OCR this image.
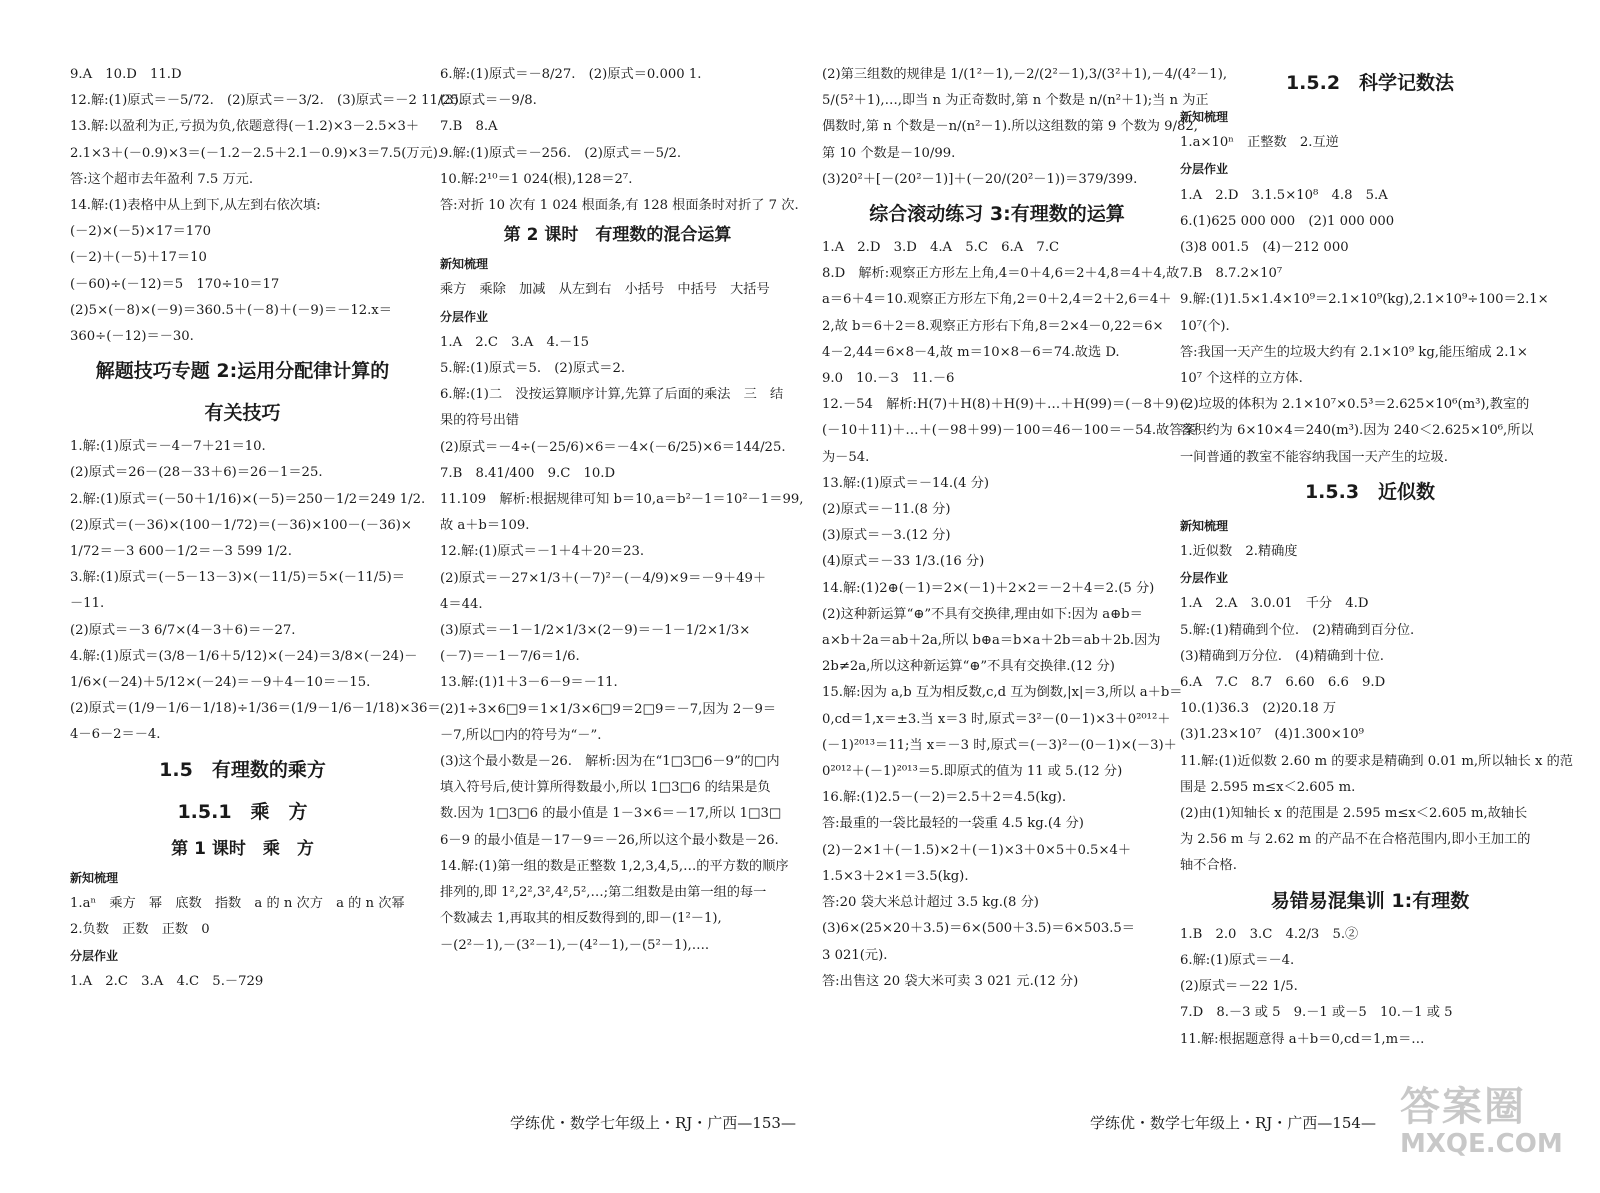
9.A　10.D　11.D
12.解:(1)原式＝－5/72.　(2)原式＝－3/2.　(3)原式＝－2 11/25.
13.解:以盈利为正,亏损为负,依题意得(－1.2)×3－2.5×3＋
2.1×3＋(－0.9)×3＝(－1.2－2.5＋2.1－0.9)×3＝7.5(万元).
答:这个超市去年盈利 7.5 万元.
14.解:(1)表格中从上到下,从左到右依次填:
(－2)×(－5)×17＝170
(－2)＋(－5)＋17＝10
(－60)÷(－12)＝5　170÷10＝17
(2)5×(－8)×(－9)＝360.5＋(－8)＋(－9)＝－12.x＝
360÷(－12)＝－30.
解题技巧专题 2:运用分配律计算的
有关技巧
1.解:(1)原式＝－4－7＋21＝10.
(2)原式＝26－(28－33＋6)＝26－1＝25.
2.解:(1)原式＝(－50＋1/16)×(－5)＝250－1/2＝249 1/2.
(2)原式＝(－36)×(100－1/72)＝(－36)×100－(－36)×
1/72＝－3 600－1/2＝－3 599 1/2.
3.解:(1)原式＝(－5－13－3)×(－11/5)＝5×(－11/5)＝
－11.
(2)原式＝－3 6/7×(4－3＋6)＝－27.
4.解:(1)原式＝(3/8－1/6＋5/12)×(－24)＝3/8×(－24)－
1/6×(－24)＋5/12×(－24)＝－9＋4－10＝－15.
(2)原式＝(1/9－1/6－1/18)÷1/36＝(1/9－1/6－1/18)×36＝
4－6－2＝－4.
1.5　有理数的乘方
1.5.1　乘　方
第 1 课时　乘　方
新知梳理
1.aⁿ　乘方　幂　底数　指数　a 的 n 次方　a 的 n 次幂
2.负数　正数　正数　0
分层作业
1.A　2.C　3.A　4.C　5.－729
6.解:(1)原式＝－8/27.　(2)原式＝0.000 1.
(3)原式＝－9/8.
7.B　8.A
9.解:(1)原式＝－256.　(2)原式＝－5/2.
10.解:2¹⁰＝1 024(根),128＝2⁷.
答:对折 10 次有 1 024 根面条,有 128 根面条时对折了 7 次.
第 2 课时　有理数的混合运算
新知梳理
乘方　乘除　加减　从左到右　小括号　中括号　大括号
分层作业
1.A　2.C　3.A　4.－15
5.解:(1)原式＝5.　(2)原式＝2.
6.解:(1)二　没按运算顺序计算,先算了后面的乘法　三　结
果的符号出错
(2)原式＝－4÷(－25/6)×6＝－4×(－6/25)×6＝144/25.
7.B　8.41/400　9.C　10.D
11.109　解析:根据规律可知 b＝10,a＝b²－1＝10²－1＝99,
故 a＋b＝109.
12.解:(1)原式＝－1＋4＋20＝23.
(2)原式＝－27×1/3＋(－7)²－(－4/9)×9＝－9＋49＋
4＝44.
(3)原式＝－1－1/2×1/3×(2－9)＝－1－1/2×1/3×
(－7)＝－1－7/6＝1/6.
13.解:(1)1＋3－6－9＝－11.
(2)1÷3×6□9＝1×1/3×6□9＝2□9＝－7,因为 2－9＝
－7,所以□内的符号为“－”.
(3)这个最小数是－26.　解析:因为在“1□3□6－9”的□内
填入符号后,使计算所得数最小,所以 1□3□6 的结果是负
数.因为 1□3□6 的最小值是 1－3×6＝－17,所以 1□3□
6－9 的最小值是－17－9＝－26,所以这个最小数是－26.
14.解:(1)第一组的数是正整数 1,2,3,4,5,…的平方数的顺序
排列的,即 1²,2²,3²,4²,5²,…;第二组数是由第一组的每一
个数减去 1,再取其的相反数得到的,即－(1²－1),
－(2²－1),－(3²－1),－(4²－1),－(5²－1),….
(2)第三组数的规律是 1/(1²－1),－2/(2²－1),3/(3²＋1),－4/(4²－1),
5/(5²＋1),…,即当 n 为正奇数时,第 n 个数是 n/(n²＋1);当 n 为正
偶数时,第 n 个数是－n/(n²－1).所以这组数的第 9 个数为 9/82,
第 10 个数是－10/99.
(3)20²＋[－(20²－1)]＋(－20/(20²－1))＝379/399.
综合滚动练习 3:有理数的运算
1.A　2.D　3.D　4.A　5.C　6.A　7.C
8.D　解析:观察正方形左上角,4＝0＋4,6＝2＋4,8＝4＋4,故
a＝6＋4＝10.观察正方形左下角,2＝0＋2,4＝2＋2,6＝4＋
2,故 b＝6＋2＝8.观察正方形右下角,8＝2×4－0,22＝6×
4－2,44＝6×8－4,故 m＝10×8－6＝74.故选 D.
9.0　10.－3　11.－6
12.－54　解析:H(7)＋H(8)＋H(9)＋…＋H(99)＝(－8＋9)＋
(－10＋11)＋…＋(－98＋99)－100＝46－100＝－54.故答案
为－54.
13.解:(1)原式＝－14.(4 分)
(2)原式＝－11.(8 分)
(3)原式＝－3.(12 分)
(4)原式＝－33 1/3.(16 分)
14.解:(1)2⊕(－1)＝2×(－1)＋2×2＝－2＋4＝2.(5 分)
(2)这种新运算“⊕”不具有交换律,理由如下:因为 a⊕b＝
a×b＋2a＝ab＋2a,所以 b⊕a＝b×a＋2b＝ab＋2b.因为
2b≠2a,所以这种新运算“⊕”不具有交换律.(12 分)
15.解:因为 a,b 互为相反数,c,d 互为倒数,|x|＝3,所以 a＋b＝
0,cd＝1,x＝±3.当 x＝3 时,原式＝3²－(0－1)×3＋0²⁰¹²＋
(－1)²⁰¹³＝11;当 x＝－3 时,原式＝(－3)²－(0－1)×(－3)＋
0²⁰¹²＋(－1)²⁰¹³＝5.即原式的值为 11 或 5.(12 分)
16.解:(1)2.5－(－2)＝2.5＋2＝4.5(kg).
答:最重的一袋比最轻的一袋重 4.5 kg.(4 分)
(2)－2×1＋(－1.5)×2＋(－1)×3＋0×5＋0.5×4＋
1.5×3＋2×1＝3.5(kg).
答:20 袋大米总计超过 3.5 kg.(8 分)
(3)6×(25×20＋3.5)＝6×(500＋3.5)＝6×503.5＝
3 021(元).
答:出售这 20 袋大米可卖 3 021 元.(12 分)
1.5.2　科学记数法
新知梳理
1.a×10ⁿ　正整数　2.互逆
分层作业
1.A　2.D　3.1.5×10⁸　4.8　5.A
6.(1)625 000 000　(2)1 000 000
(3)8 001.5　(4)－212 000
7.B　8.7.2×10⁷
9.解:(1)1.5×1.4×10⁹＝2.1×10⁹(kg),2.1×10⁹÷100＝2.1×
10⁷(个).
答:我国一天产生的垃圾大约有 2.1×10⁹ kg,能压缩成 2.1×
10⁷ 个这样的立方体.
(2)垃圾的体积为 2.1×10⁷×0.5³＝2.625×10⁶(m³),教室的
容积约为 6×10×4＝240(m³).因为 240＜2.625×10⁶,所以
一间普通的教室不能容纳我国一天产生的垃圾.
1.5.3　近似数
新知梳理
1.近似数　2.精确度
分层作业
1.A　2.A　3.0.01　千分　4.D
5.解:(1)精确到个位.　(2)精确到百分位.
(3)精确到万分位.　(4)精确到十位.
6.A　7.C　8.7　6.60　6.6　9.D
10.(1)36.3　(2)20.18 万
(3)1.23×10⁷　(4)1.300×10⁹
11.解:(1)近似数 2.60 m 的要求是精确到 0.01 m,所以轴长 x 的范
围是 2.595 m≤x＜2.605 m.
(2)由(1)知轴长 x 的范围是 2.595 m≤x＜2.605 m,故轴长
为 2.56 m 与 2.62 m 的产品不在合格范围内,即小王加工的
轴不合格.
易错易混集训 1:有理数
1.B　2.0　3.C　4.2/3　5.②
6.解:(1)原式＝－4.
(2)原式＝－22 1/5.
7.D　8.－3 或 5　9.－1 或－5　10.－1 或 5
11.解:根据题意得 a＋b＝0,cd＝1,m＝…
学练优・数学七年级上・RJ・广西—153—	学练优・数学七年级上・RJ・广西—154— 答案圈
MXQE.COM
